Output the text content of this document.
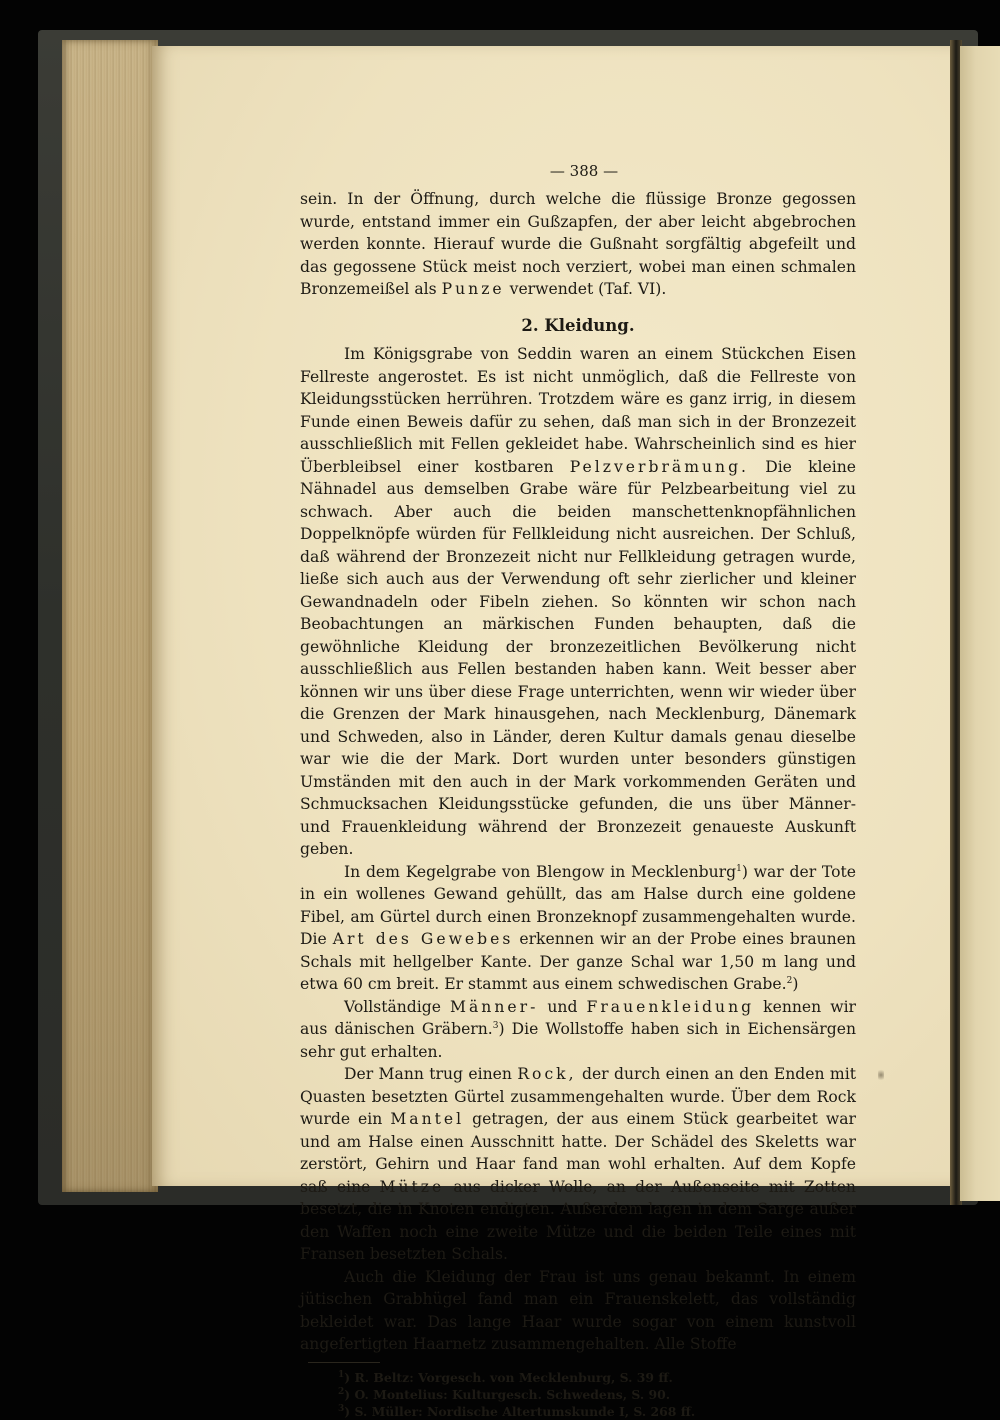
— 388 —

sein. In der Öffnung, durch welche die flüssige Bronze gegossen wurde, entstand immer ein Gußzapfen, der aber leicht abgebrochen werden konnte. Hierauf wurde die Gußnaht sorgfältig abgefeilt und das gegossene Stück meist noch verziert, wobei man einen schmalen Bronzemeißel als Punze verwendet (Taf. VI).

2. Kleidung.

Im Königsgrabe von Seddin waren an einem Stückchen Eisen Fellreste angerostet. Es ist nicht unmöglich, daß die Fellreste von Kleidungsstücken herrühren. Trotzdem wäre es ganz irrig, in diesem Funde einen Beweis dafür zu sehen, daß man sich in der Bronzezeit ausschließlich mit Fellen gekleidet habe. Wahrscheinlich sind es hier Überbleibsel einer kostbaren Pelzverbrämung. Die kleine Nähnadel aus demselben Grabe wäre für Pelzbearbeitung viel zu schwach. Aber auch die beiden manschettenknopfähnlichen Doppelknöpfe würden für Fellkleidung nicht ausreichen. Der Schluß, daß während der Bronzezeit nicht nur Fellkleidung getragen wurde, ließe sich auch aus der Verwendung oft sehr zierlicher und kleiner Gewandnadeln oder Fibeln ziehen. So könnten wir schon nach Beobachtungen an märkischen Funden behaupten, daß die gewöhnliche Kleidung der bronzezeitlichen Bevölkerung nicht ausschließlich aus Fellen bestanden haben kann. Weit besser aber können wir uns über diese Frage unterrichten, wenn wir wieder über die Grenzen der Mark hinausgehen, nach Mecklenburg, Dänemark und Schweden, also in Länder, deren Kultur damals genau dieselbe war wie die der Mark. Dort wurden unter besonders günstigen Umständen mit den auch in der Mark vorkommenden Geräten und Schmucksachen Kleidungsstücke gefunden, die uns über Männer- und Frauenkleidung während der Bronzezeit genaueste Auskunft geben.

In dem Kegelgrabe von Blengow in Mecklenburg$^1$) war der Tote in ein wollenes Gewand gehüllt, das am Halse durch eine goldene Fibel, am Gürtel durch einen Bronzeknopf zusammengehalten wurde. Die Art des Gewebes erkennen wir an der Probe eines braunen Schals mit hellgelber Kante. Der ganze Schal war 1,50 m lang und etwa 60 cm breit. Er stammt aus einem schwedischen Grabe.$^2$)

Vollständige Männer- und Frauenkleidung kennen wir aus dänischen Gräbern.$^3$) Die Wollstoffe haben sich in Eichensärgen sehr gut erhalten.

Der Mann trug einen Rock, der durch einen an den Enden mit Quasten besetzten Gürtel zusammengehalten wurde. Über dem Rock wurde ein Mantel getragen, der aus einem Stück gearbeitet war und am Halse einen Ausschnitt hatte. Der Schädel des Skeletts war zerstört, Gehirn und Haar fand man wohl erhalten. Auf dem Kopfe saß eine Mütze aus dicker Wolle, an der Außenseite mit Zotten besetzt, die in Knoten endigten. Außerdem lagen in dem Sarge außer den Waffen noch eine zweite Mütze und die beiden Teile eines mit Fransen besetzten Schals.

Auch die Kleidung der Frau ist uns genau bekannt. In einem jütischen Grabhügel fand man ein Frauenskelett, das vollständig bekleidet war. Das lange Haar wurde sogar von einem kunstvoll angefertigten Haarnetz zusammengehalten. Alle Stoffe

$^1$) R. Beltz: Vorgesch. von Mecklenburg, S. 39 ff.
$^2$) O. Montelius: Kulturgesch. Schwedens, S. 90.
$^3$) S. Müller: Nordische Altertumskunde I, S. 268 ff.
